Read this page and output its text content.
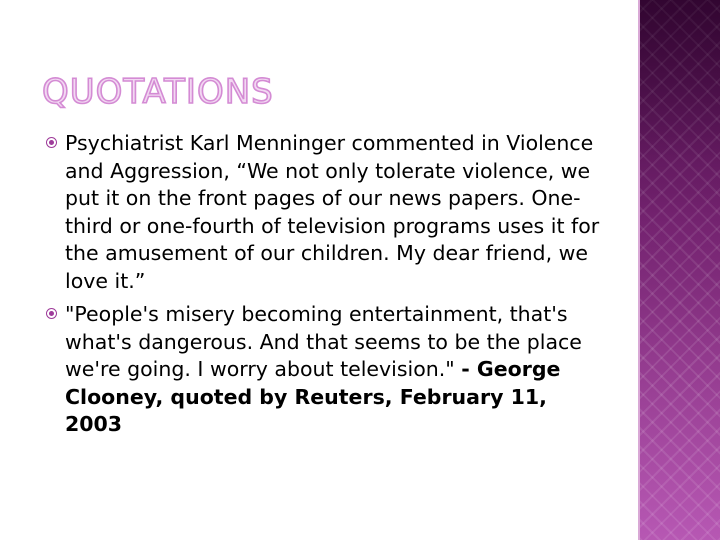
QUOTATIONS

Psychiatrist Karl Menninger commented in Violence and Aggression, “We not only tolerate violence, we put it on the front pages of our news papers. One- third or one-fourth of television programs uses it for the amusement of our children. My dear friend, we love it.”

"People's misery becoming entertainment, that's what's dangerous. And that seems to be the place we're going. I worry about television." - George Clooney, quoted by Reuters, February 11, 2003
